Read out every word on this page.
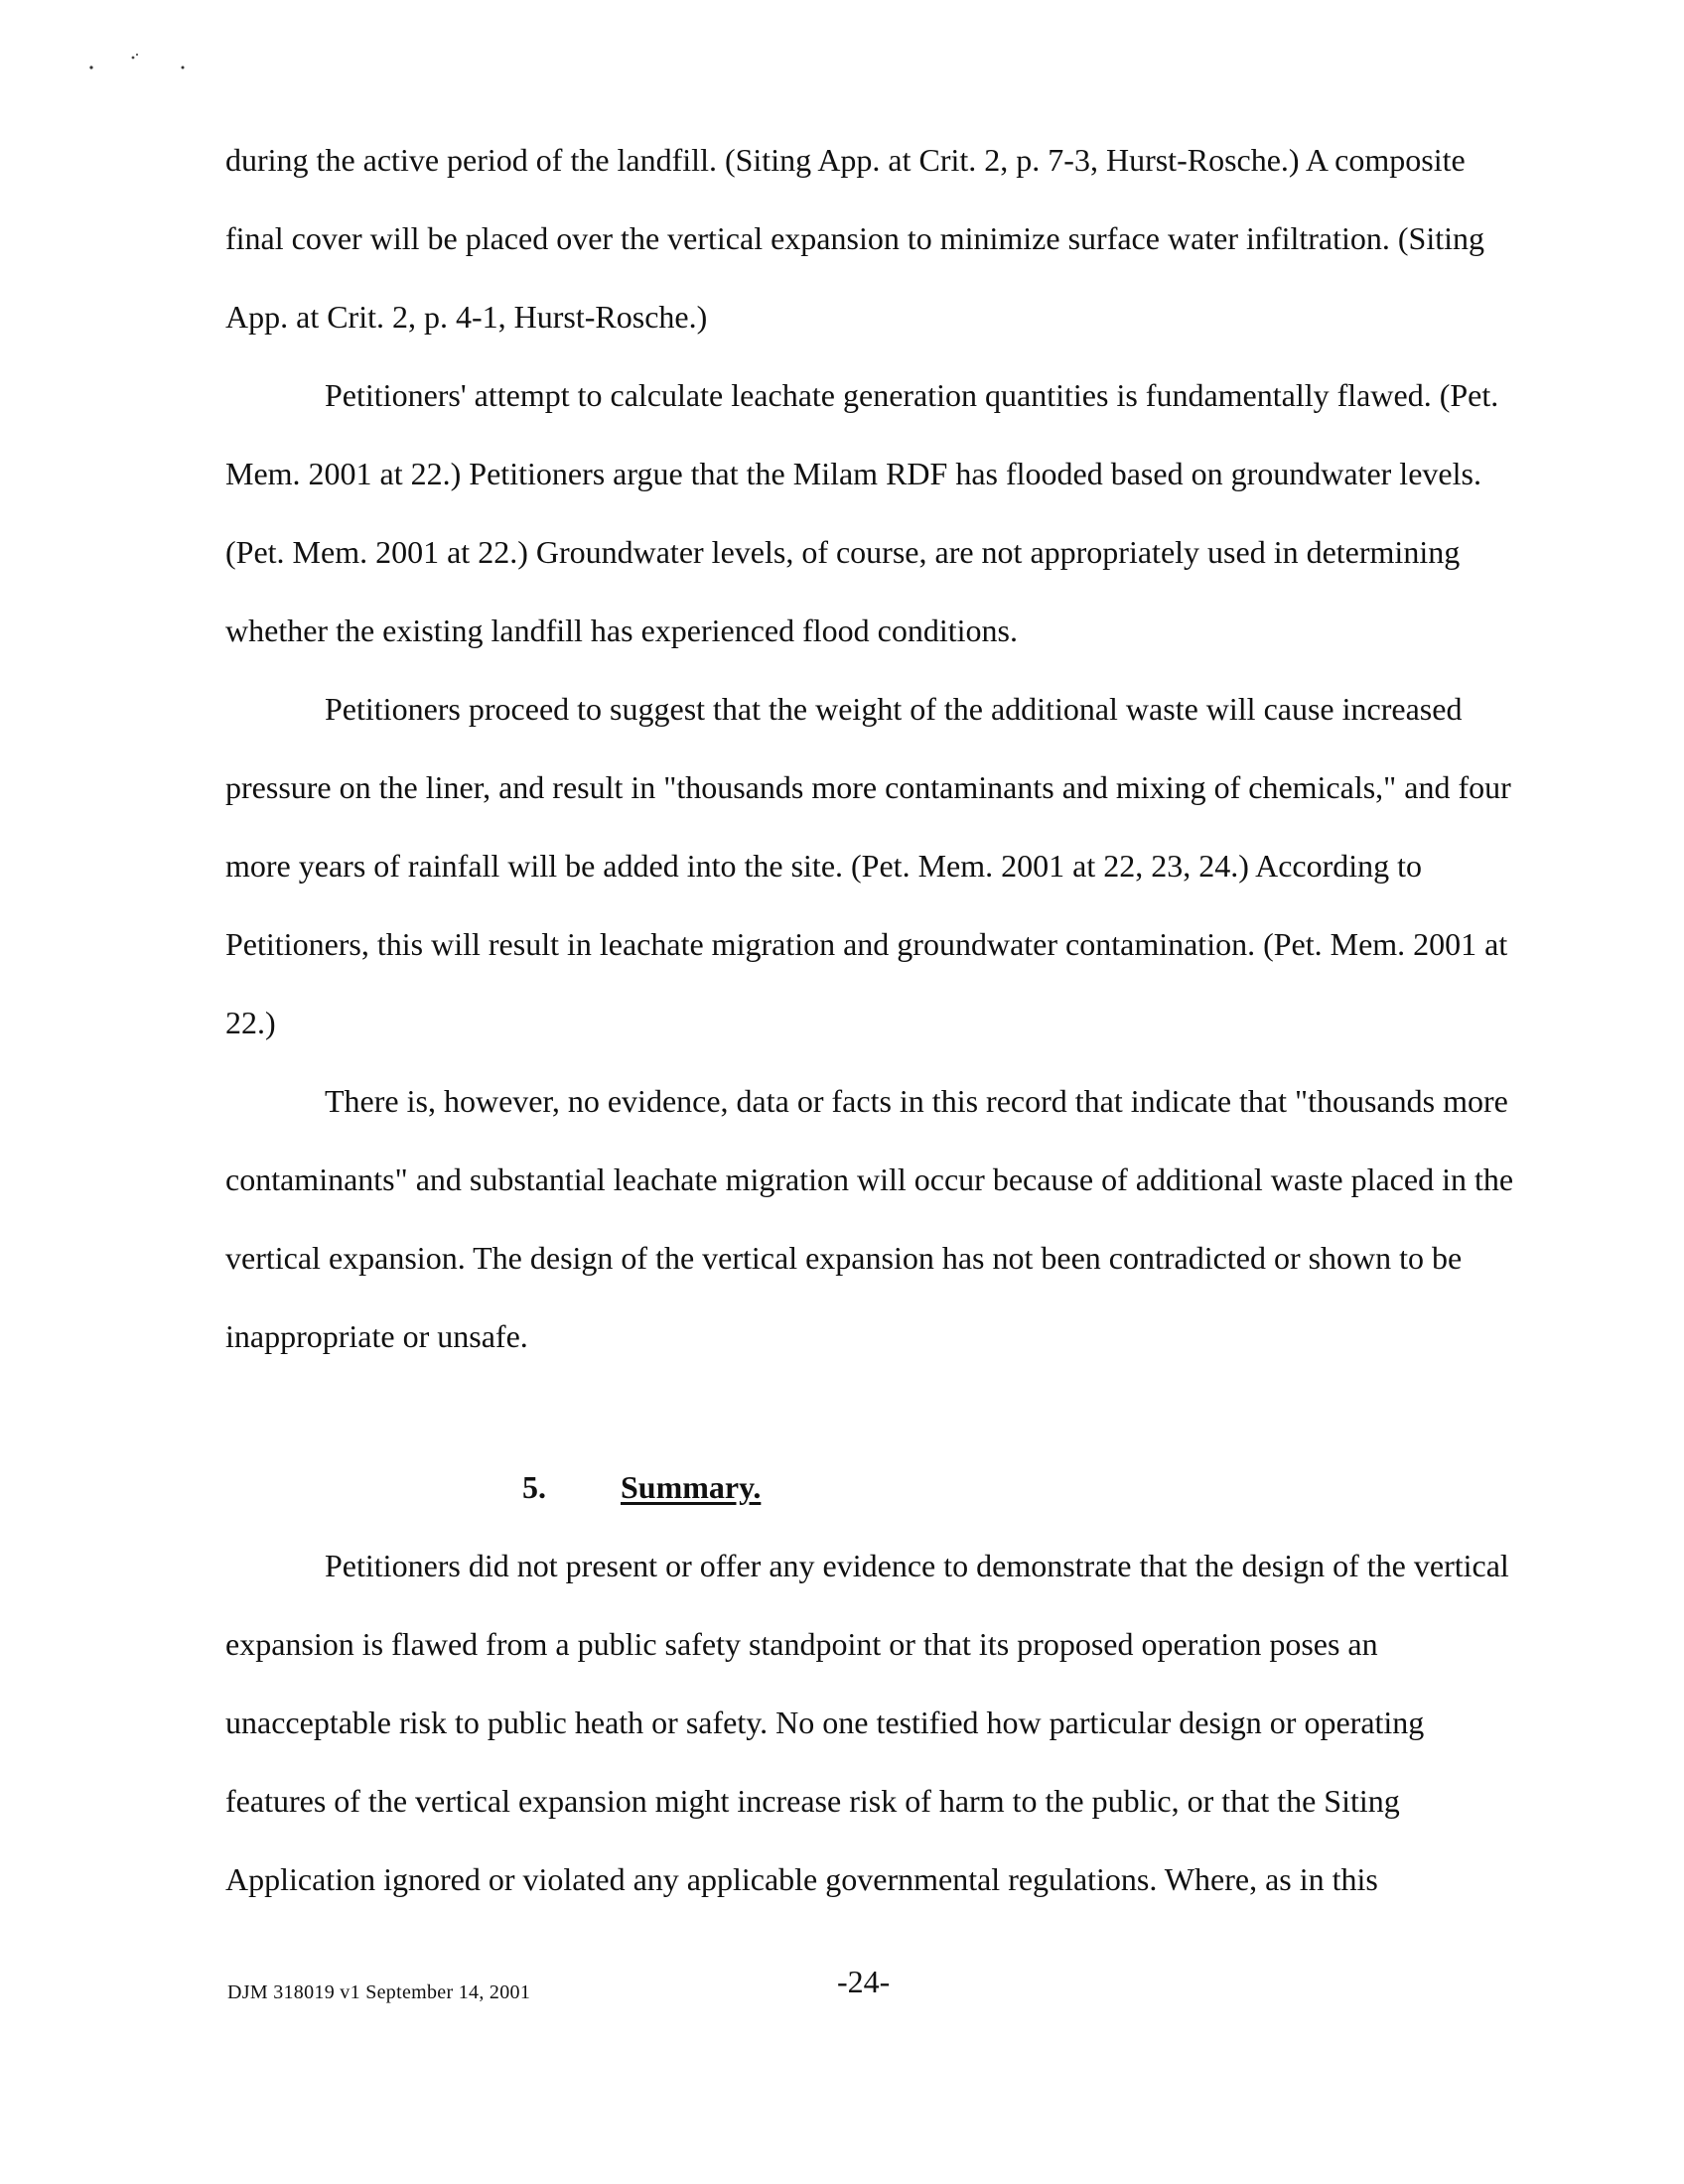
during the active period of the landfill. (Siting App. at Crit. 2, p. 7-3, Hurst-Rosche.) A composite final cover will be placed over the vertical expansion to minimize surface water infiltration. (Siting App. at Crit. 2, p. 4-1, Hurst-Rosche.)

Petitioners' attempt to calculate leachate generation quantities is fundamentally flawed. (Pet. Mem. 2001 at 22.) Petitioners argue that the Milam RDF has flooded based on groundwater levels. (Pet. Mem. 2001 at 22.) Groundwater levels, of course, are not appropriately used in determining whether the existing landfill has experienced flood conditions.

Petitioners proceed to suggest that the weight of the additional waste will cause increased pressure on the liner, and result in "thousands more contaminants and mixing of chemicals," and four more years of rainfall will be added into the site. (Pet. Mem. 2001 at 22, 23, 24.) According to Petitioners, this will result in leachate migration and groundwater contamination. (Pet. Mem. 2001 at 22.)

There is, however, no evidence, data or facts in this record that indicate that "thousands more contaminants" and substantial leachate migration will occur because of additional waste placed in the vertical expansion. The design of the vertical expansion has not been contradicted or shown to be inappropriate or unsafe.

5. Summary.

Petitioners did not present or offer any evidence to demonstrate that the design of the vertical expansion is flawed from a public safety standpoint or that its proposed operation poses an unacceptable risk to public heath or safety. No one testified how particular design or operating features of the vertical expansion might increase risk of harm to the public, or that the Siting Application ignored or violated any applicable governmental regulations. Where, as in this

DJM 318019 v1 September 14, 2001	-24-
